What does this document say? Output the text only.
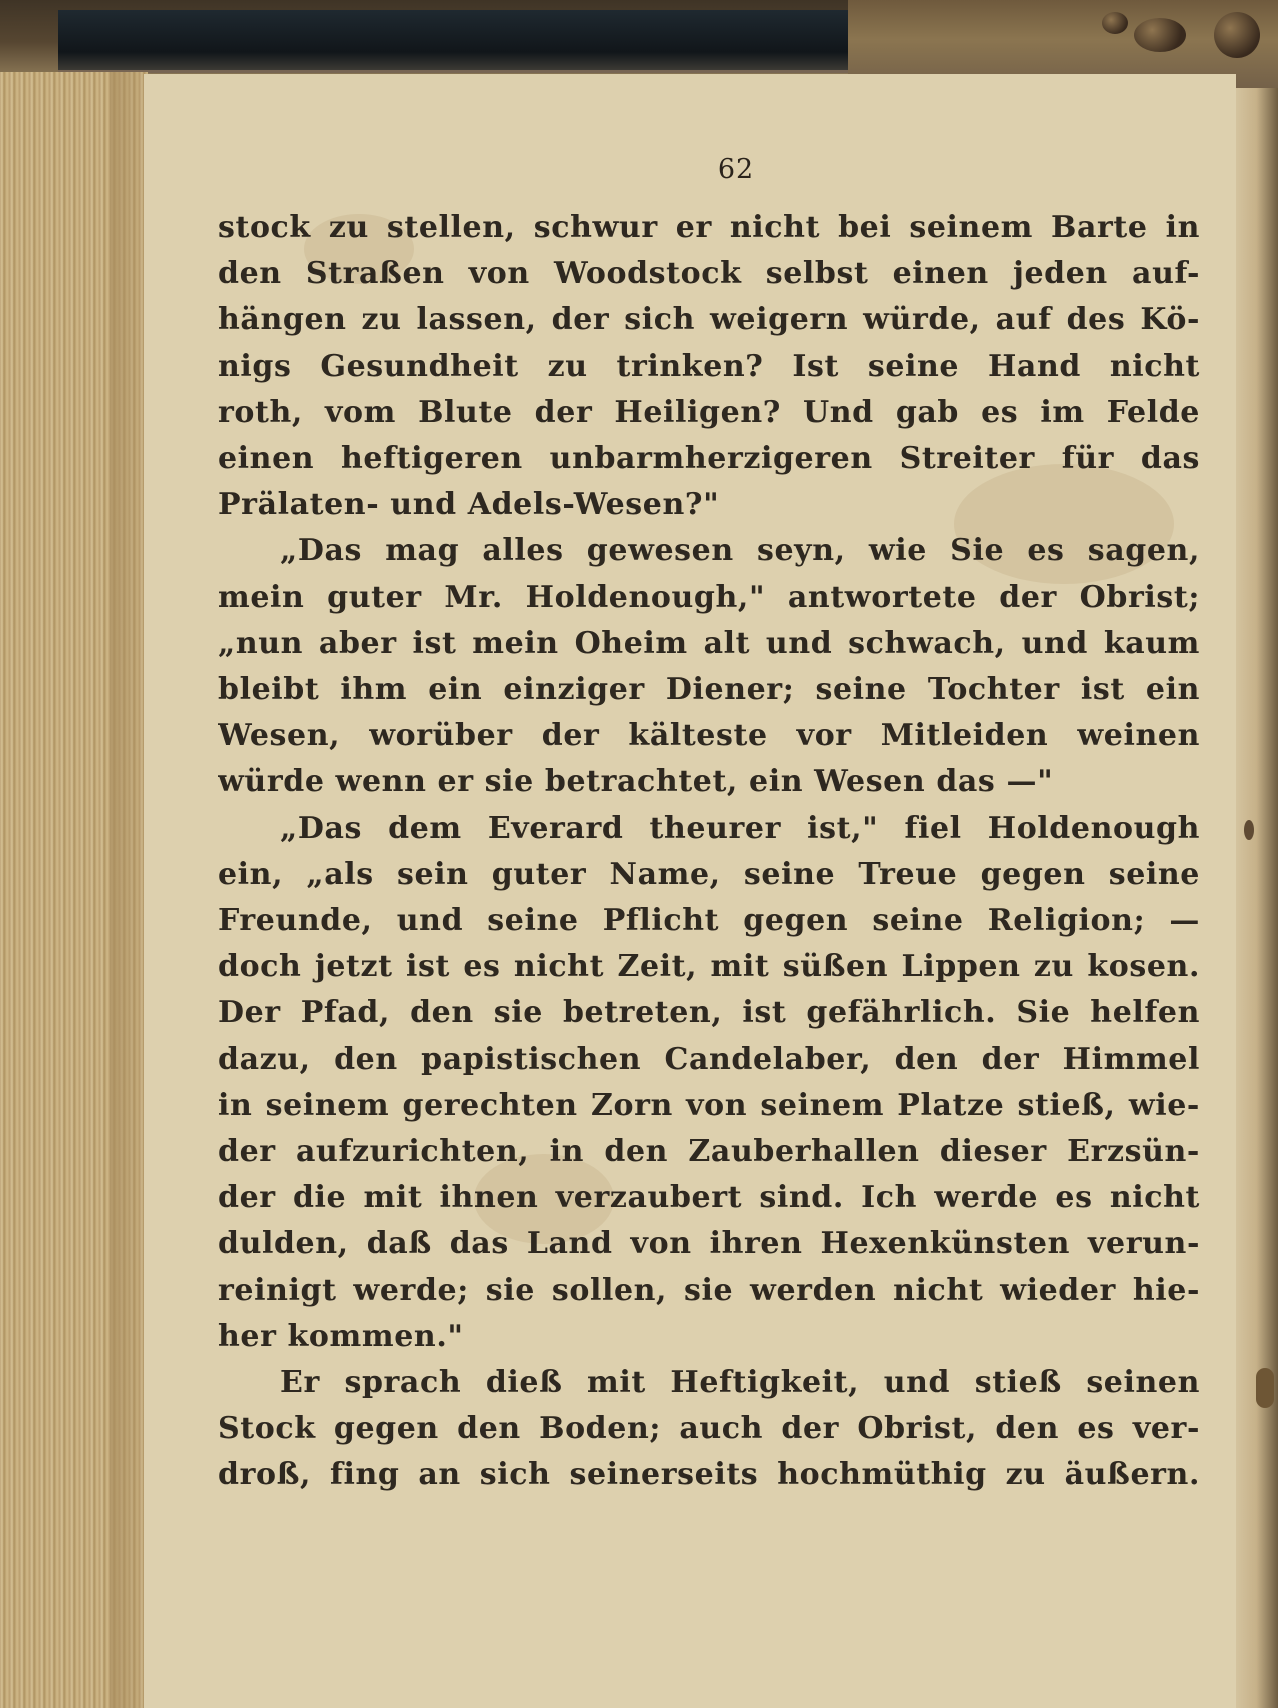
62
stock zu stellen, schwur er nicht bei seinem Barte in
den Straßen von Woodstock selbst einen jeden auf-
hängen zu lassen, der sich weigern würde, auf des Kö-
nigs Gesundheit zu trinken? Ist seine Hand nicht
roth, vom Blute der Heiligen? Und gab es im Felde
einen heftigeren unbarmherzigeren Streiter für das
Prälaten- und Adels-Wesen?"
„Das mag alles gewesen seyn, wie Sie es sagen,
mein guter Mr. Holdenough," antwortete der Obrist;
„nun aber ist mein Oheim alt und schwach, und kaum
bleibt ihm ein einziger Diener; seine Tochter ist ein
Wesen, worüber der kälteste vor Mitleiden weinen
würde wenn er sie betrachtet, ein Wesen das —"
„Das dem Everard theurer ist," fiel Holdenough
ein, „als sein guter Name, seine Treue gegen seine
Freunde, und seine Pflicht gegen seine Religion; —
doch jetzt ist es nicht Zeit, mit süßen Lippen zu kosen.
Der Pfad, den sie betreten, ist gefährlich. Sie helfen
dazu, den papistischen Candelaber, den der Himmel
in seinem gerechten Zorn von seinem Platze stieß, wie-
der aufzurichten, in den Zauberhallen dieser Erzsün-
der die mit ihnen verzaubert sind. Ich werde es nicht
dulden, daß das Land von ihren Hexenkünsten verun-
reinigt werde; sie sollen, sie werden nicht wieder hie-
her kommen."
Er sprach dieß mit Heftigkeit, und stieß seinen
Stock gegen den Boden; auch der Obrist, den es ver-
droß, fing an sich seinerseits hochmüthig zu äußern.
